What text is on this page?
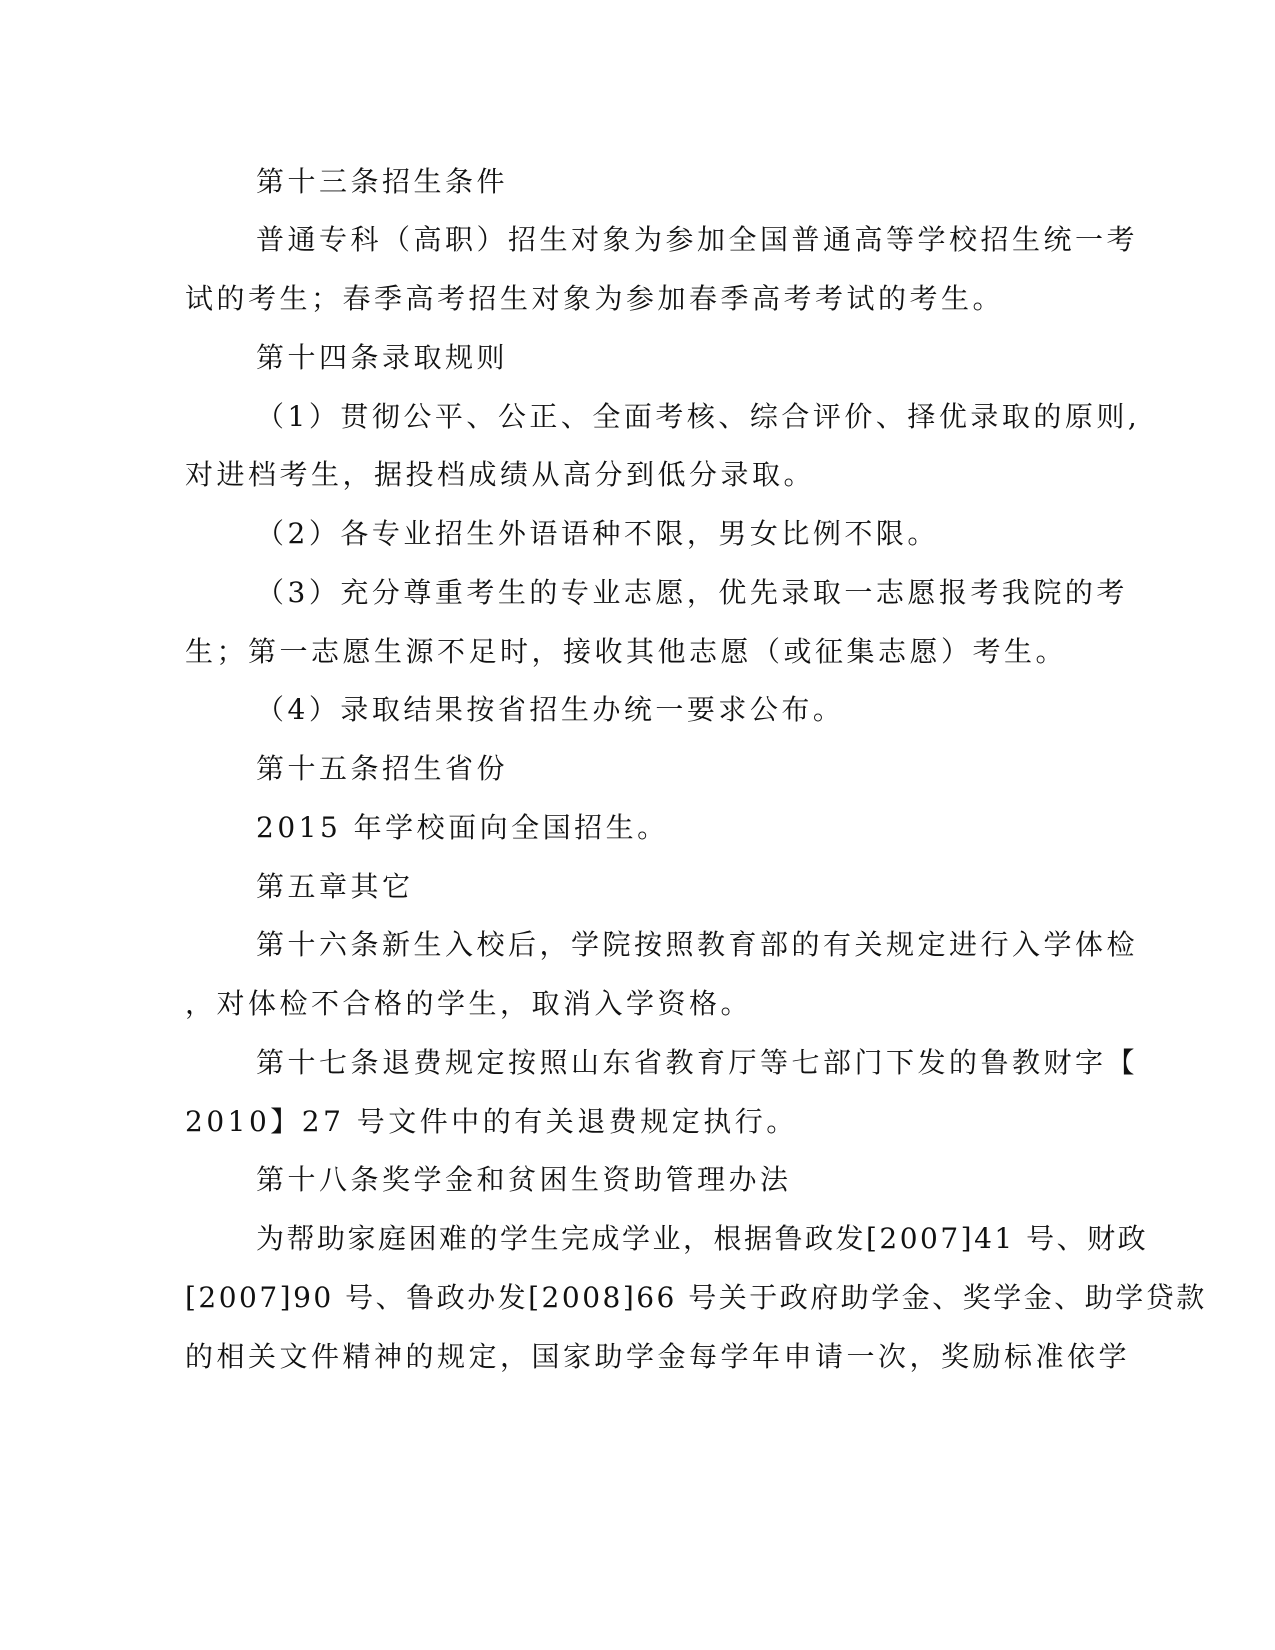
第十三条招生条件
普通专科（高职）招生对象为参加全国普通高等学校招生统一考
试的考生；春季高考招生对象为参加春季高考考试的考生。
第十四条录取规则
（1）贯彻公平、公正、全面考核、综合评价、择优录取的原则,
对进档考生，据投档成绩从高分到低分录取。
（2）各专业招生外语语种不限，男女比例不限。
（3）充分尊重考生的专业志愿，优先录取一志愿报考我院的考
生；第一志愿生源不足时，接收其他志愿（或征集志愿）考生。
（4）录取结果按省招生办统一要求公布。
第十五条招生省份
2015 年学校面向全国招生。
第五章其它
第十六条新生入校后，学院按照教育部的有关规定进行入学体检
，对体检不合格的学生，取消入学资格。
第十七条退费规定按照山东省教育厅等七部门下发的鲁教财字【
2010】27 号文件中的有关退费规定执行。
第十八条奖学金和贫困生资助管理办法
为帮助家庭困难的学生完成学业，根据鲁政发[2007]41 号、财政
[2007]90 号、鲁政办发[2008]66 号关于政府助学金、奖学金、助学贷款
的相关文件精神的规定，国家助学金每学年申请一次，奖励标准依学
